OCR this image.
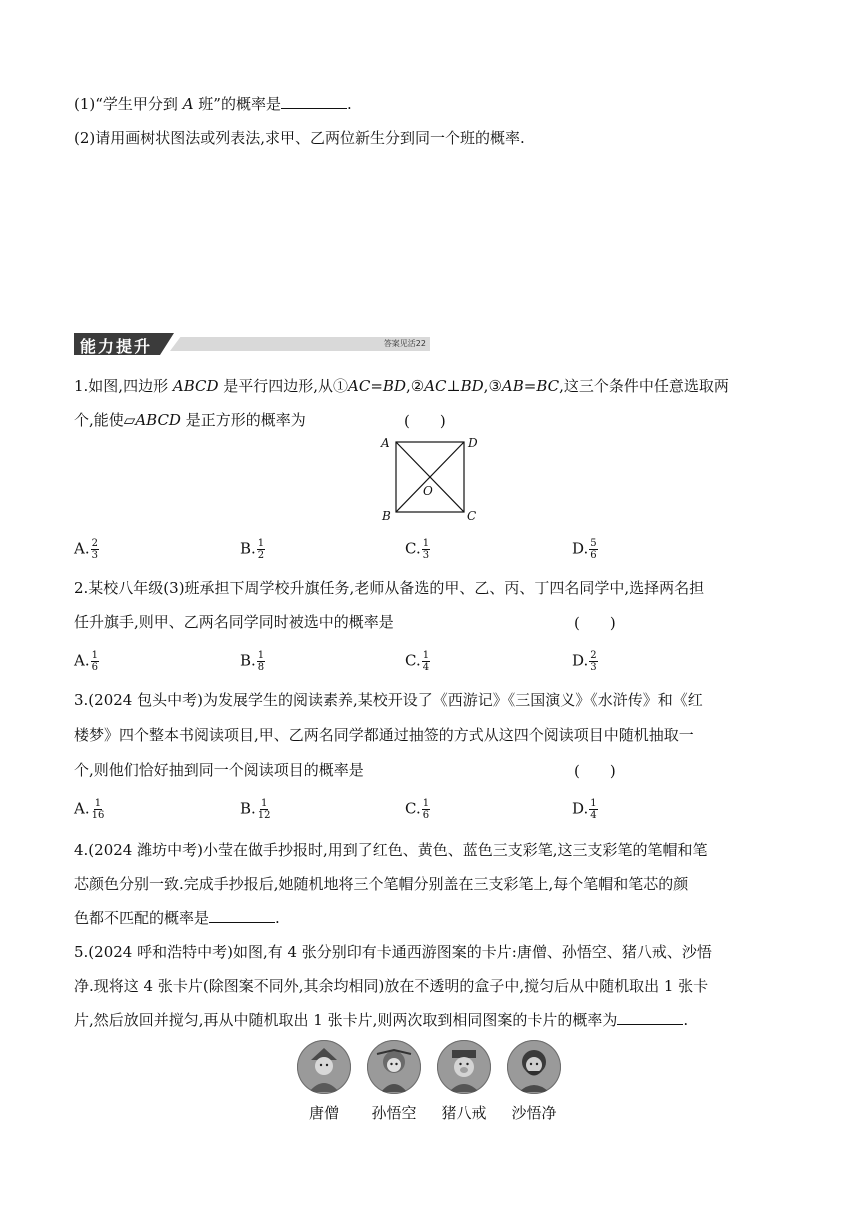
(1)“学生甲分到 A 班”的概率是	.
(2)请用画树状图法或列表法,求甲、乙两位新生分到同一个班的概率.
能力提升	答案见活22
1.如图,四边形 ABCD 是平行四边形,从①AC=BD,②AC⊥BD,③AB=BC,这三个条件中任意选取两
个,能使▱ABCD 是正方形的概率为	(　　)
A	D
B	C
O
A. $\frac{2}{3}$	B. $\frac{1}{2}$	C. $\frac{1}{3}$	D. $\frac{5}{6}$
2.某校八年级(3)班承担下周学校升旗任务,老师从备选的甲、乙、丙、丁四名同学中,选择两名担
任升旗手,则甲、乙两名同学同时被选中的概率是	(　　)
A. $\frac{1}{6}$	B. $\frac{1}{8}$	C. $\frac{1}{4}$	D. $\frac{2}{3}$
3.(2024 包头中考)为发展学生的阅读素养,某校开设了《西游记》《三国演义》《水浒传》和《红
楼梦》四个整本书阅读项目,甲、乙两名同学都通过抽签的方式从这四个阅读项目中随机抽取一
个,则他们恰好抽到同一个阅读项目的概率是	(　　)
A. $\frac{1}{16}$	B. $\frac{1}{12}$	C. $\frac{1}{6}$	D. $\frac{1}{4}$
4.(2024 潍坊中考)小莹在做手抄报时,用到了红色、黄色、蓝色三支彩笔,这三支彩笔的笔帽和笔
芯颜色分别一致.完成手抄报后,她随机地将三个笔帽分别盖在三支彩笔上,每个笔帽和笔芯的颜
色都不匹配的概率是	.
5.(2024 呼和浩特中考)如图,有 4 张分别印有卡通西游图案的卡片:唐僧、孙悟空、猪八戒、沙悟
净.现将这 4 张卡片(除图案不同外,其余均相同)放在不透明的盒子中,搅匀后从中随机取出 1 张卡
片,然后放回并搅匀,再从中随机取出 1 张卡片,则两次取到相同图案的卡片的概率为	.
唐僧	孙悟空	猪八戒	沙悟净
